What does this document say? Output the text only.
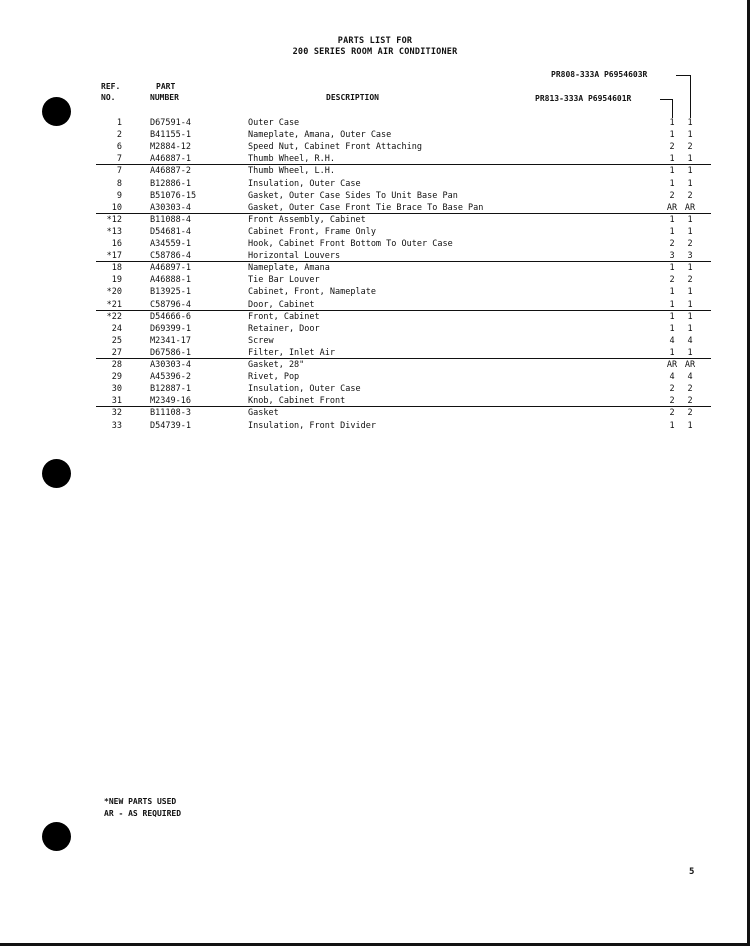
PARTS LIST FOR
200 SERIES ROOM AIR CONDITIONER
REF.
NO.
PART
NUMBER	DESCRIPTION
PR808-333A P6954603R
PR813-333A P6954601R
1	D67591-4	Outer Case	1	1
2	B41155-1	Nameplate, Amana, Outer Case	1	1
6	M2884-12	Speed Nut, Cabinet Front Attaching	2	2
7	A46887-1	Thumb Wheel, R.H.	1	1
7	A46887-2	Thumb Wheel, L.H.	1	1
8	B12886-1	Insulation, Outer Case	1	1
9	B51076-15	Gasket, Outer Case Sides To Unit Base Pan	2	2
10	A30303-4	Gasket, Outer Case Front Tie Brace To Base Pan	AR AR
*12	B11088-4	Front Assembly, Cabinet	1	1
*13	D54681-4	Cabinet Front, Frame Only	1	1
16	A34559-1	Hook, Cabinet Front Bottom To Outer Case	2	2
*17	C58786-4	Horizontal Louvers	3	3
18	A46897-1	Nameplate, Amana	1	1
19	A46888-1	Tie Bar Louver	2	2
*20	B13925-1	Cabinet, Front, Nameplate	1	1
*21	C58796-4	Door, Cabinet	1	1
*22	D54666-6	Front, Cabinet	1	1
24	D69399-1	Retainer, Door	1	1
25	M2341-17	Screw	4	4
27	D67586-1	Filter, Inlet Air	1	1
28	A30303-4	Gasket, 28"	AR AR
29	A45396-2	Rivet, Pop	4	4
30	B12887-1	Insulation, Outer Case	2	2
31	M2349-16	Knob, Cabinet Front	2	2
32	B11108-3	Gasket	2	2
33	D54739-1	Insulation, Front Divider	1	1
*NEW PARTS USED
AR - AS REQUIRED
5
